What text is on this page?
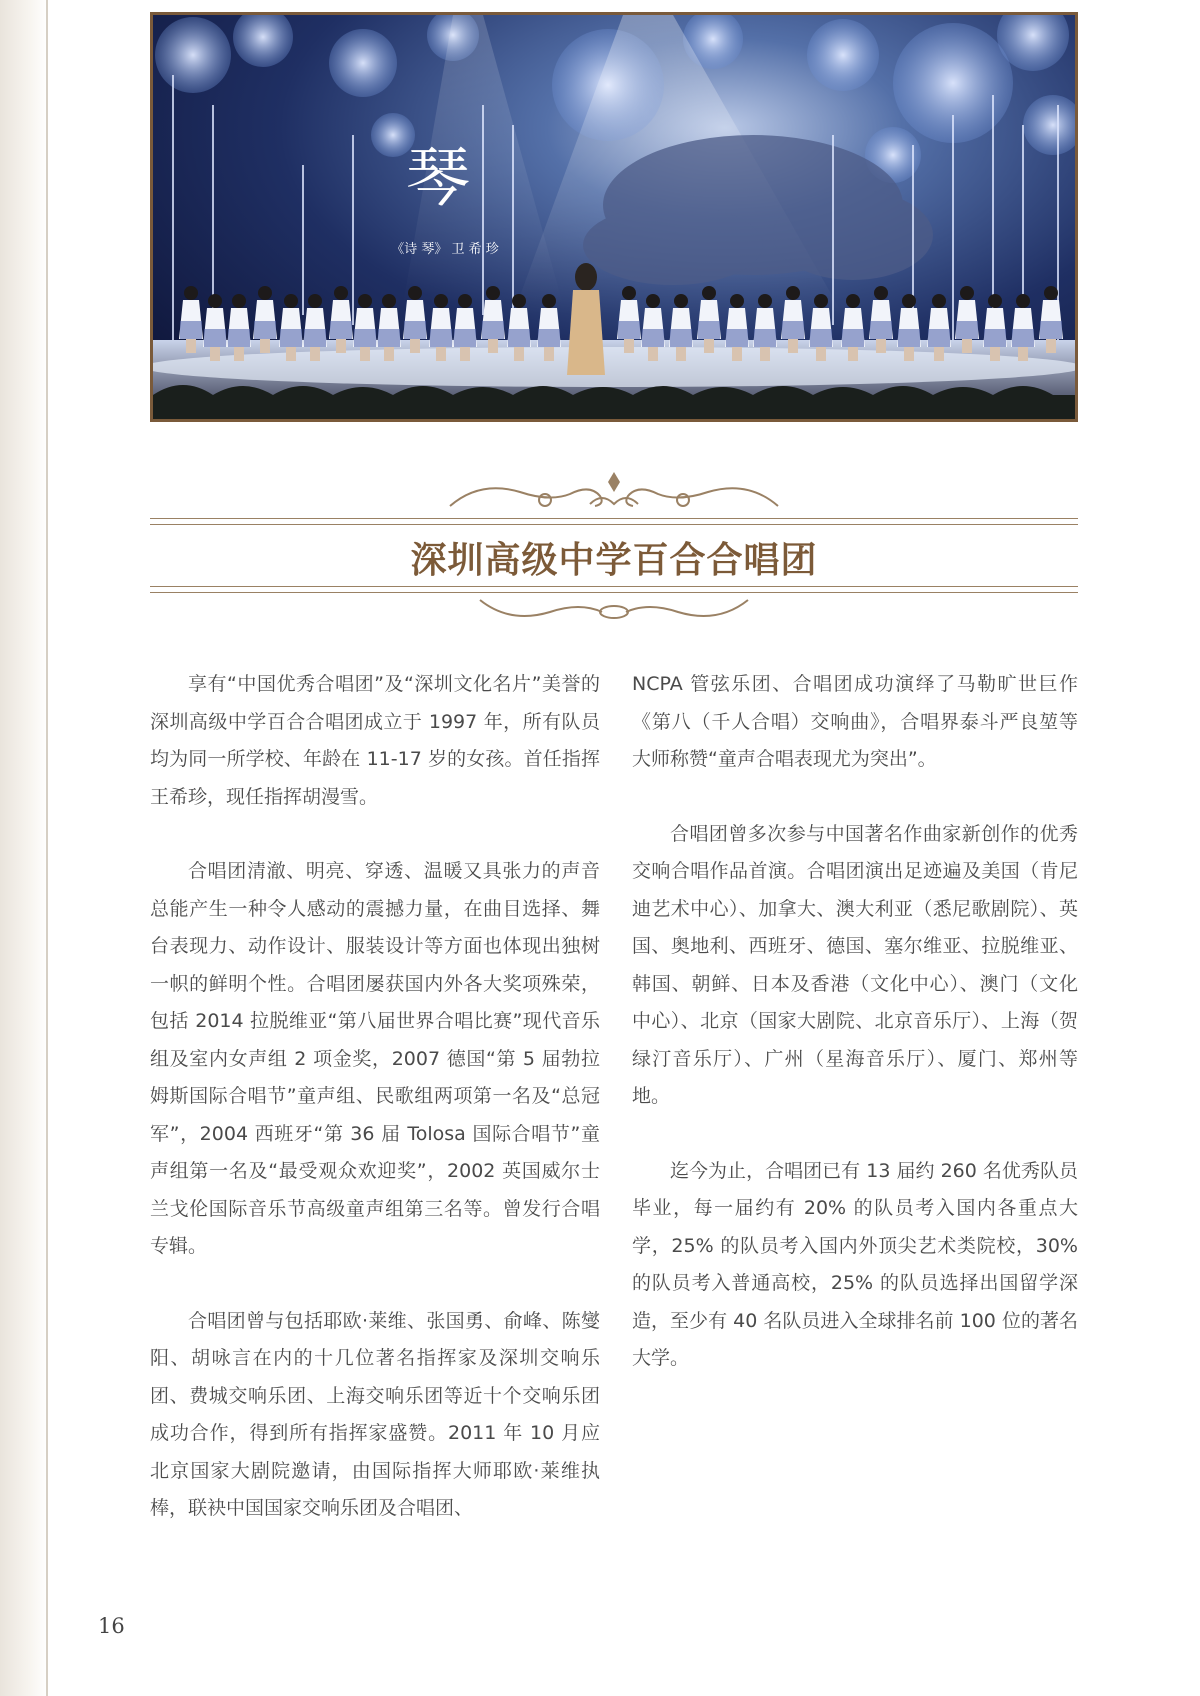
琴
《诗 琴》 卫 希 珍
深圳高级中学百合合唱团

享有“中国优秀合唱团”及“深圳文化名片”美誉的深圳高级中学百合合唱团成立于 1997 年，所有队员均为同一所学校、年龄在 11-17 岁的女孩。首任指挥王希珍，现任指挥胡漫雪。

合唱团清澈、明亮、穿透、温暖又具张力的声音总能产生一种令人感动的震撼力量，在曲目选择、舞台表现力、动作设计、服装设计等方面也体现出独树一帜的鲜明个性。合唱团屡获国内外各大奖项殊荣，包括 2014 拉脱维亚“第八届世界合唱比赛”现代音乐组及室内女声组 2 项金奖，2007 德国“第 5 届勃拉姆斯国际合唱节”童声组、民歌组两项第一名及“总冠军”，2004 西班牙“第 36 届 Tolosa 国际合唱节”童声组第一名及“最受观众欢迎奖”，2002 英国威尔士兰戈伦国际音乐节高级童声组第三名等。曾发行合唱专辑。

合唱团曾与包括耶欧·莱维、张国勇、俞峰、陈燮阳、胡咏言在内的十几位著名指挥家及深圳交响乐团、费城交响乐团、上海交响乐团等近十个交响乐团成功合作，得到所有指挥家盛赞。2011 年 10 月应北京国家大剧院邀请，由国际指挥大师耶欧·莱维执棒，联袂中国国家交响乐团及合唱团、

NCPA 管弦乐团、合唱团成功演绎了马勒旷世巨作《第八（千人合唱）交响曲》，合唱界泰斗严良堃等大师称赞“童声合唱表现尤为突出”。

合唱团曾多次参与中国著名作曲家新创作的优秀交响合唱作品首演。合唱团演出足迹遍及美国（肯尼迪艺术中心）、加拿大、澳大利亚（悉尼歌剧院）、英国、奥地利、西班牙、德国、塞尔维亚、拉脱维亚、韩国、朝鲜、日本及香港（文化中心）、澳门（文化中心）、北京（国家大剧院、北京音乐厅）、上海（贺绿汀音乐厅）、广州（星海音乐厅）、厦门、郑州等地。

迄今为止，合唱团已有 13 届约 260 名优秀队员毕业，每一届约有 20% 的队员考入国内各重点大学，25% 的队员考入国内外顶尖艺术类院校，30% 的队员考入普通高校，25% 的队员选择出国留学深造，至少有 40 名队员进入全球排名前 100 位的著名大学。

16
